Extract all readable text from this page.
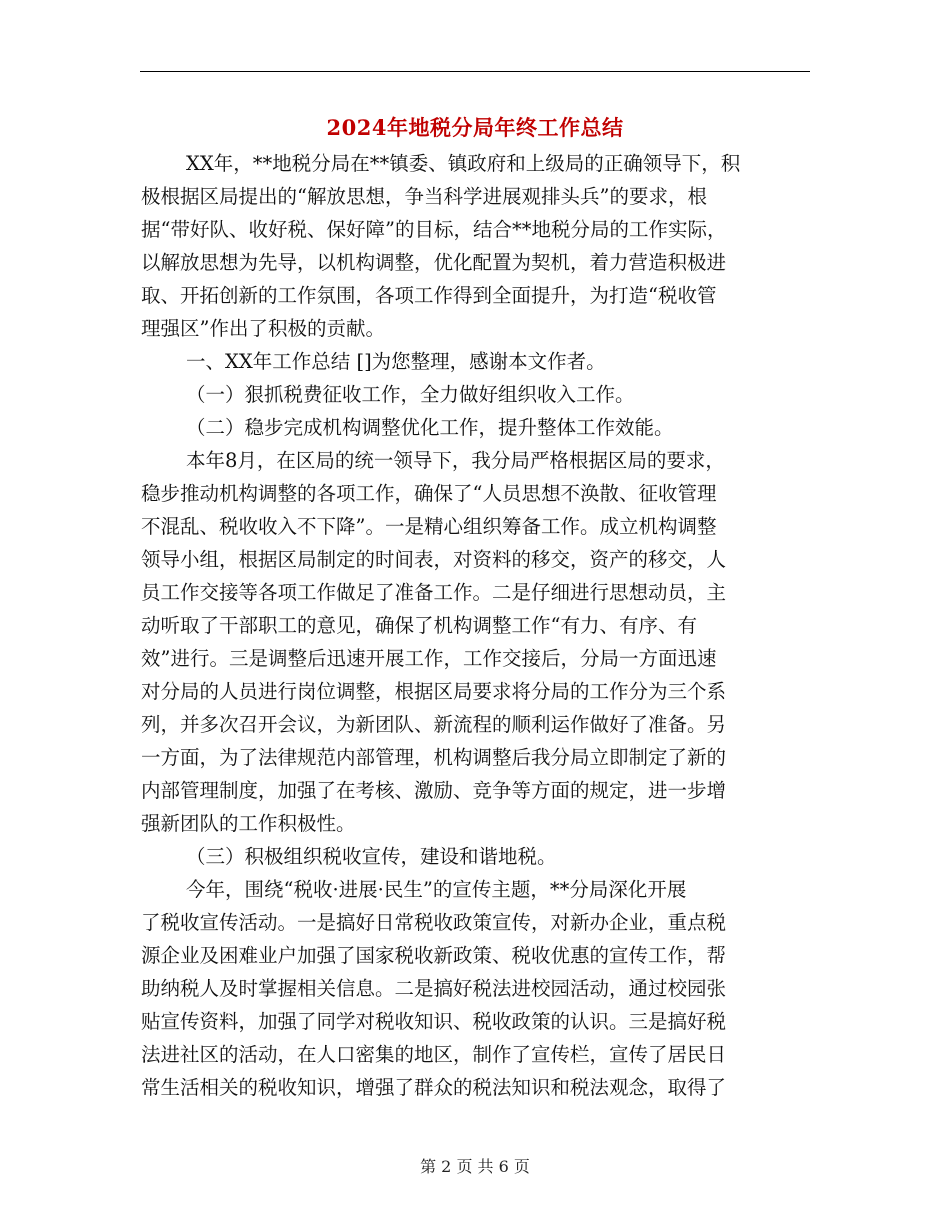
2024年地税分局年终工作总结
XX年，**地税分局在**镇委、镇政府和上级局的正确领导下，积
极根据区局提出的“解放思想，争当科学进展观排头兵”的要求，根
据“带好队、收好税、保好障”的目标，结合**地税分局的工作实际，
以解放思想为先导，以机构调整，优化配置为契机，着力营造积极进
取、开拓创新的工作氛围，各项工作得到全面提升，为打造“税收管
理强区”作出了积极的贡献。
一、XX年工作总结 []为您整理，感谢本文作者。
（一）狠抓税费征收工作，全力做好组织收入工作。
（二）稳步完成机构调整优化工作，提升整体工作效能。
本年8月，在区局的统一领导下，我分局严格根据区局的要求，
稳步推动机构调整的各项工作，确保了“人员思想不涣散、征收管理
不混乱、税收收入不下降”。一是精心组织筹备工作。成立机构调整
领导小组，根据区局制定的时间表，对资料的移交，资产的移交，人
员工作交接等各项工作做足了准备工作。二是仔细进行思想动员，主
动听取了干部职工的意见，确保了机构调整工作“有力、有序、有
效”进行。三是调整后迅速开展工作，工作交接后，分局一方面迅速
对分局的人员进行岗位调整，根据区局要求将分局的工作分为三个系
列，并多次召开会议，为新团队、新流程的顺利运作做好了准备。另
一方面，为了法律规范内部管理，机构调整后我分局立即制定了新的
内部管理制度，加强了在考核、激励、竞争等方面的规定，进一步增
强新团队的工作积极性。
（三）积极组织税收宣传，建设和谐地税。
今年，围绕“税收·进展·民生”的宣传主题，**分局深化开展
了税收宣传活动。一是搞好日常税收政策宣传，对新办企业，重点税
源企业及困难业户加强了国家税收新政策、税收优惠的宣传工作，帮
助纳税人及时掌握相关信息。二是搞好税法进校园活动，通过校园张
贴宣传资料，加强了同学对税收知识、税收政策的认识。三是搞好税
法进社区的活动，在人口密集的地区，制作了宣传栏，宣传了居民日
常生活相关的税收知识，增强了群众的税法知识和税法观念，取得了
第 2 页 共 6 页
